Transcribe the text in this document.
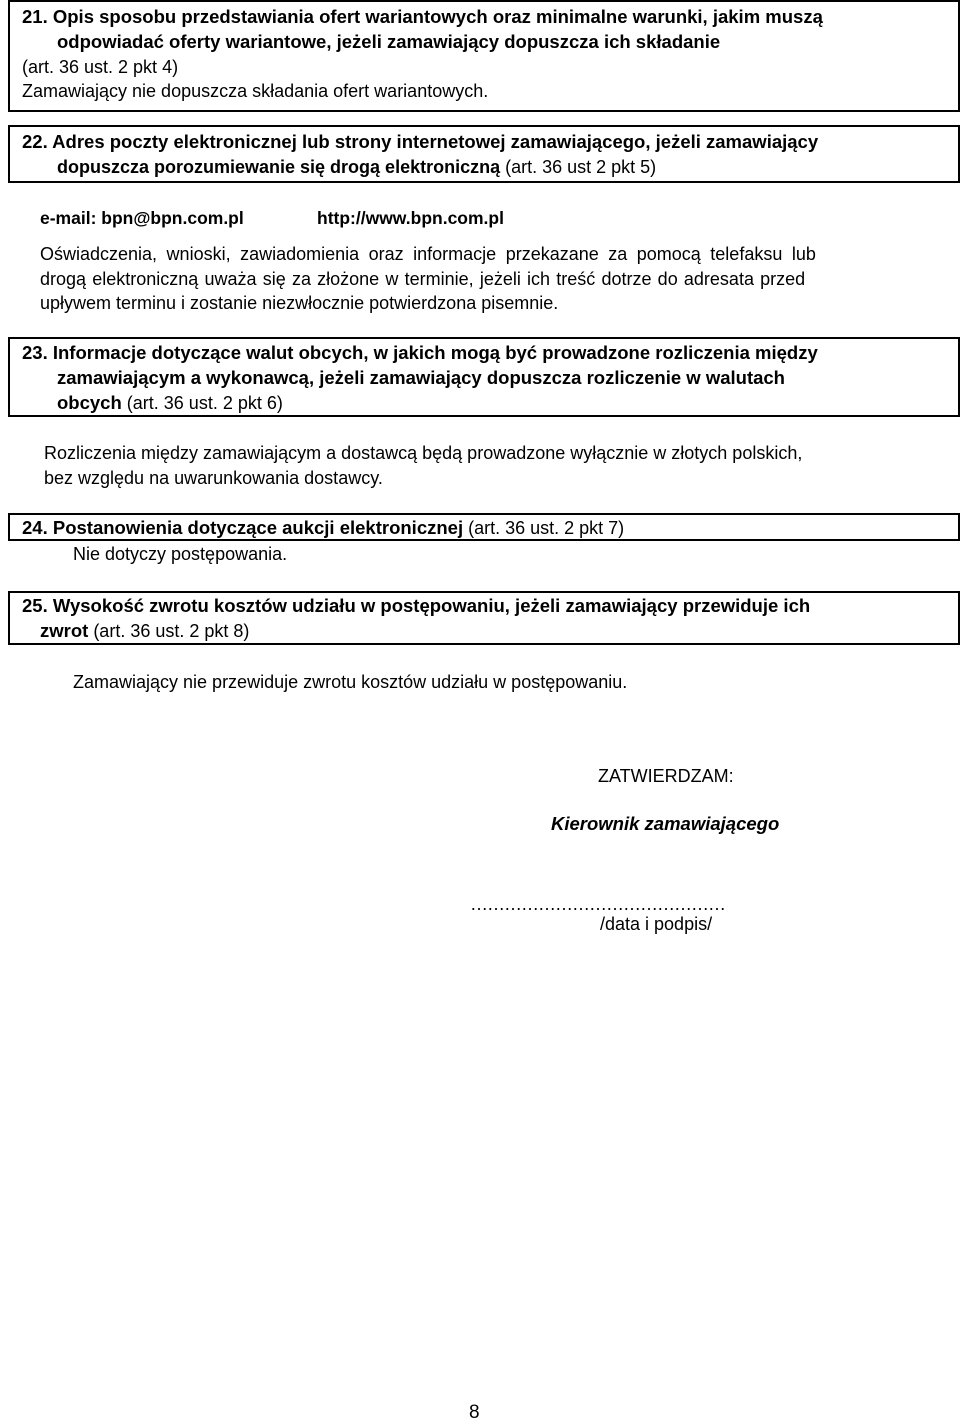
21. Opis sposobu przedstawiania ofert wariantowych oraz minimalne warunki, jakim muszą
odpowiadać oferty wariantowe, jeżeli zamawiający dopuszcza ich składanie
(art. 36 ust. 2 pkt 4)
Zamawiający nie dopuszcza składania ofert wariantowych.
22. Adres poczty elektronicznej lub strony internetowej zamawiającego, jeżeli zamawiający
dopuszcza porozumiewanie się drogą elektroniczną (art. 36 ust 2 pkt 5)
e-mail: bpn@bpn.com.pl	http://www.bpn.com.pl
Oświadczenia, wnioski, zawiadomienia oraz informacje przekazane za pomocą telefaksu lub
drogą elektroniczną uważa się za złożone w terminie, jeżeli ich treść dotrze do adresata przed
upływem terminu i zostanie niezwłocznie potwierdzona pisemnie.
23. Informacje dotyczące walut obcych, w jakich mogą być prowadzone rozliczenia między
zamawiającym a wykonawcą, jeżeli zamawiający dopuszcza rozliczenie w walutach
obcych (art. 36 ust. 2 pkt 6)
Rozliczenia między zamawiającym a dostawcą będą prowadzone wyłącznie w złotych polskich,
bez względu na uwarunkowania dostawcy.
24. Postanowienia dotyczące aukcji elektronicznej (art. 36 ust. 2 pkt 7)
Nie dotyczy postępowania.
25. Wysokość zwrotu kosztów udziału w postępowaniu, jeżeli zamawiający przewiduje ich
zwrot (art. 36 ust. 2 pkt 8)
Zamawiający nie przewiduje zwrotu kosztów udziału w postępowaniu.
ZATWIERDZAM:
Kierownik zamawiającego
………………………………………
/data i podpis/
8
